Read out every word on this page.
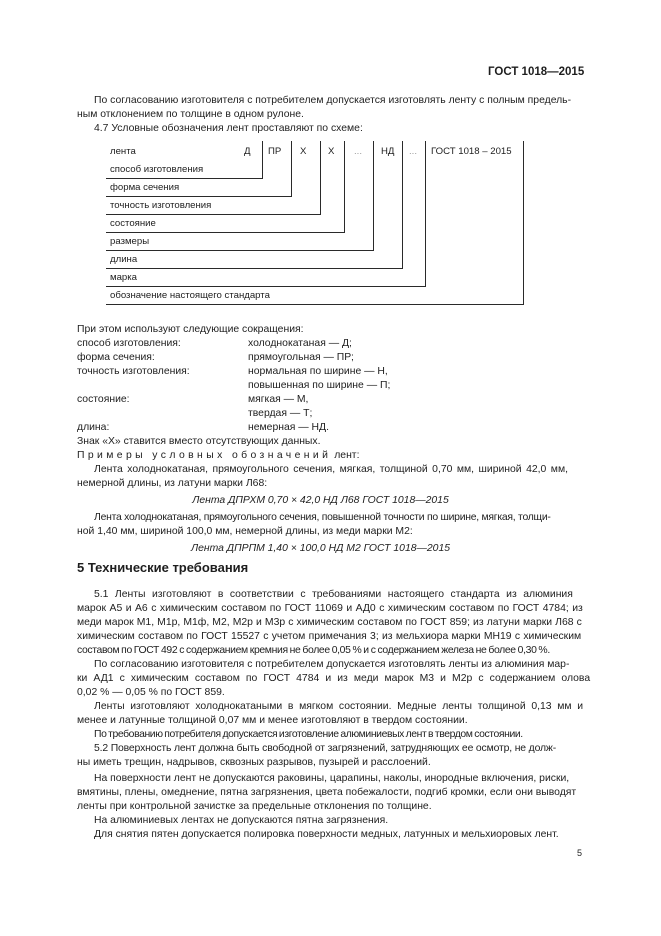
ГОСТ 1018—2015
По согласованию изготовителя с потребителем допускается изготовлять ленту с полным предель-
ным отклонением по толщине в одном рулоне.
4.7 Условные обозначения лент проставляют по схеме:
лента	Д ПР X X ... НД ... ГОСТ 1018 – 2015
способ изготовления
форма сечения
точность изготовления
состояние
размеры
длина
марка
обозначение настоящего стандарта
При этом используют следующие сокращения:
способ изготовления:	холоднокатаная — Д;
форма сечения:	прямоугольная — ПР;
точность изготовления:	нормальная по ширине — Н,
повышенная по ширине — П;
состояние:	мягкая — М,
твердая — Т;
длина:	немерная — НД.
Знак «X» ставится вместо отсутствующих данных.
Примеры условных обозначений лент:
Лента холоднокатаная, прямоугольного сечения, мягкая, толщиной 0,70 мм, шириной 42,0 мм,
немерной длины, из латуни марки Л68:
Лента ДПРХМ 0,70 × 42,0 НД Л68 ГОСТ 1018—2015
Лента холоднокатаная, прямоугольного сечения, повышенной точности по ширине, мягкая, толщи-
ной 1,40 мм, шириной 100,0 мм, немерной длины, из меди марки М2:
Лента ДПРПМ 1,40 × 100,0 НД М2 ГОСТ 1018—2015
5 Технические требования
5.1 Ленты изготовляют в соответствии с требованиями настоящего стандарта из алюминия
марок А5 и А6 с химическим составом по ГОСТ 11069 и АД0 с химическим составом по ГОСТ 4784; из
меди марок М1, М1р, М1ф, М2, М2р и М3р с химическим составом по ГОСТ 859; из латуни марки Л68 с
химическим составом по ГОСТ 15527 с учетом примечания 3; из мельхиора марки МН19 с химическим
составом по ГОСТ 492 с содержанием кремния не более 0,05 % и с содержанием железа не более 0,30 %.
По согласованию изготовителя с потребителем допускается изготовлять ленты из алюминия мар-
ки АД1 с химическим составом по ГОСТ 4784 и из меди марок М3 и М2р с содержанием олова
0,02 % — 0,05 % по ГОСТ 859.
Ленты изготовляют холоднокатаными в мягком состоянии. Медные ленты толщиной 0,13 мм и
менее и латунные толщиной 0,07 мм и менее изготовляют в твердом состоянии.
По требованию потребителя допускается изготовление алюминиевых лент в твердом состоянии.
5.2 Поверхность лент должна быть свободной от загрязнений, затрудняющих ее осмотр, не долж-
ны иметь трещин, надрывов, сквозных разрывов, пузырей и расслоений.
На поверхности лент не допускаются раковины, царапины, наколы, инородные включения, риски,
вмятины, плены, омеднение, пятна загрязнения, цвета побежалости, подгиб кромки, если они выводят
ленты при контрольной зачистке за предельные отклонения по толщине.
На алюминиевых лентах не допускаются пятна загрязнения.
Для снятия пятен допускается полировка поверхности медных, латунных и мельхиоровых лент.
5
